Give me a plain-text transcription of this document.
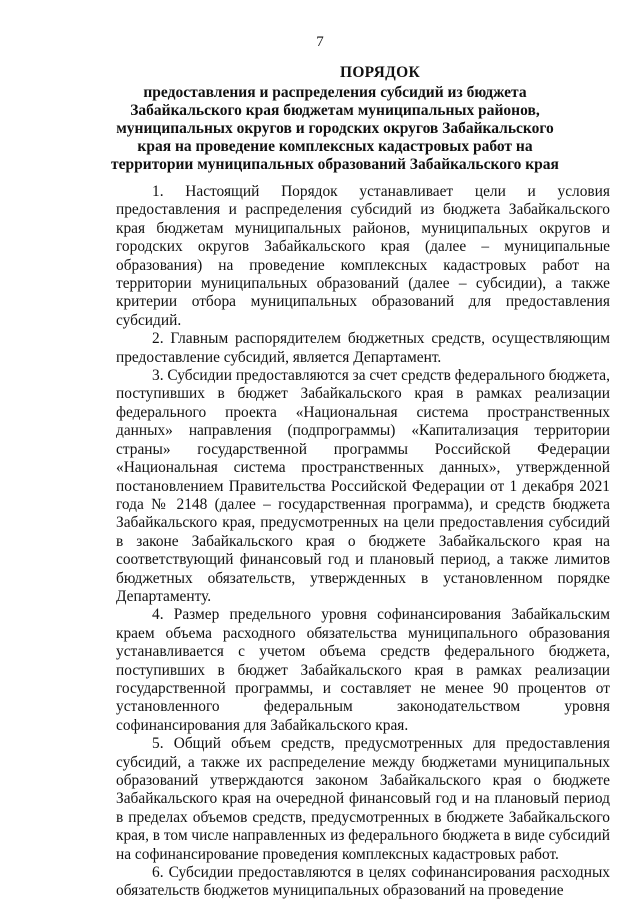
7
ПОРЯДОК
предоставления и распределения субсидий из бюджета Забайкальского края бюджетам муниципальных районов, муниципальных округов и городских округов Забайкальского края на проведение комплексных кадастровых работ на территории муниципальных образований Забайкальского края

1. Настоящий Порядок устанавливает цели и условия предоставления и распределения субсидий из бюджета Забайкальского края бюджетам муниципальных районов, муниципальных округов и городских округов Забайкальского края (далее – муниципальные образования) на проведение комплексных кадастровых работ на территории муниципальных образований (далее – субсидии), а также критерии отбора муниципальных образований для предоставления субсидий.

2. Главным распорядителем бюджетных средств, осуществляющим предоставление субсидий, является Департамент.

3. Субсидии предоставляются за счет средств федерального бюджета, поступивших в бюджет Забайкальского края в рамках реализации федерального проекта «Национальная система пространственных данных» направления (подпрограммы) «Капитализация территории страны» государственной программы Российской Федерации «Национальная система пространственных данных», утвержденной постановлением Правительства Российской Федерации от 1 декабря 2021 года № 2148 (далее – государственная программа), и средств бюджета Забайкальского края, предусмотренных на цели предоставления субсидий в законе Забайкальского края о бюджете Забайкальского края на соответствующий финансовый год и плановый период, а также лимитов бюджетных обязательств, утвержденных в установленном порядке Департаменту.

4. Размер предельного уровня софинансирования Забайкальским краем объема расходного обязательства муниципального образования устанавливается с учетом объема средств федерального бюджета, поступивших в бюджет Забайкальского края в рамках реализации государственной программы, и составляет не менее 90 процентов от установленного федеральным законодательством уровня софинансирования для Забайкальского края.

5. Общий объем средств, предусмотренных для предоставления субсидий, а также их распределение между бюджетами муниципальных образований утверждаются законом Забайкальского края о бюджете Забайкальского края на очередной финансовый год и на плановый период в пределах объемов средств, предусмотренных в бюджете Забайкальского края, в том числе направленных из федерального бюджета в виде субсидий на софинансирование проведения комплексных кадастровых работ.

6. Субсидии предоставляются в целях софинансирования расходных обязательств бюджетов муниципальных образований на проведение
